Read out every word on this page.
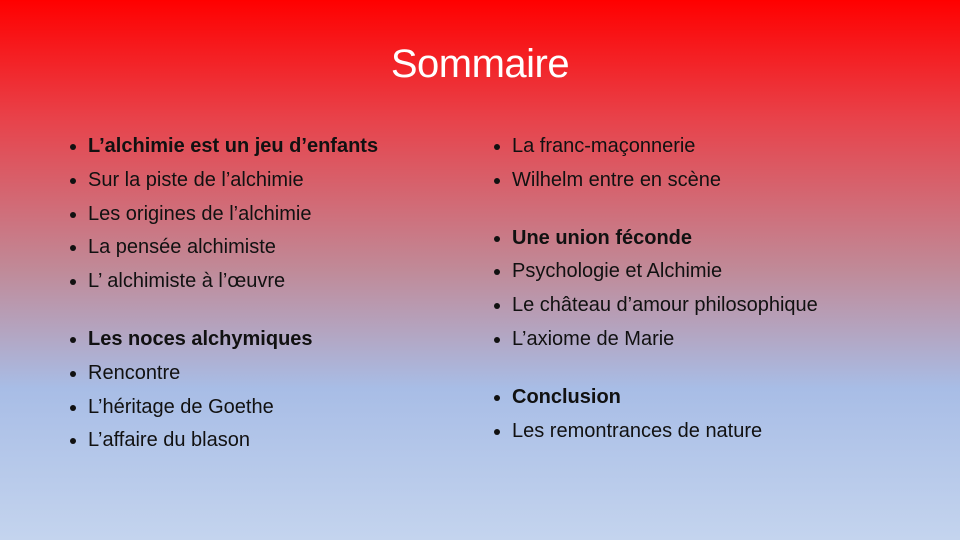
Sommaire
L’alchimie est un jeu d’enfants
Sur la piste de l’alchimie
Les origines de l’alchimie
La pensée alchimiste
L’ alchimiste à l’œuvre
Les noces alchymiques
Rencontre
L’héritage de Goethe
L’affaire du blason
La franc-maçonnerie
Wilhelm entre en scène
Une union féconde
Psychologie et Alchimie
Le château d’amour philosophique
L’axiome de Marie
Conclusion
Les remontrances de nature
